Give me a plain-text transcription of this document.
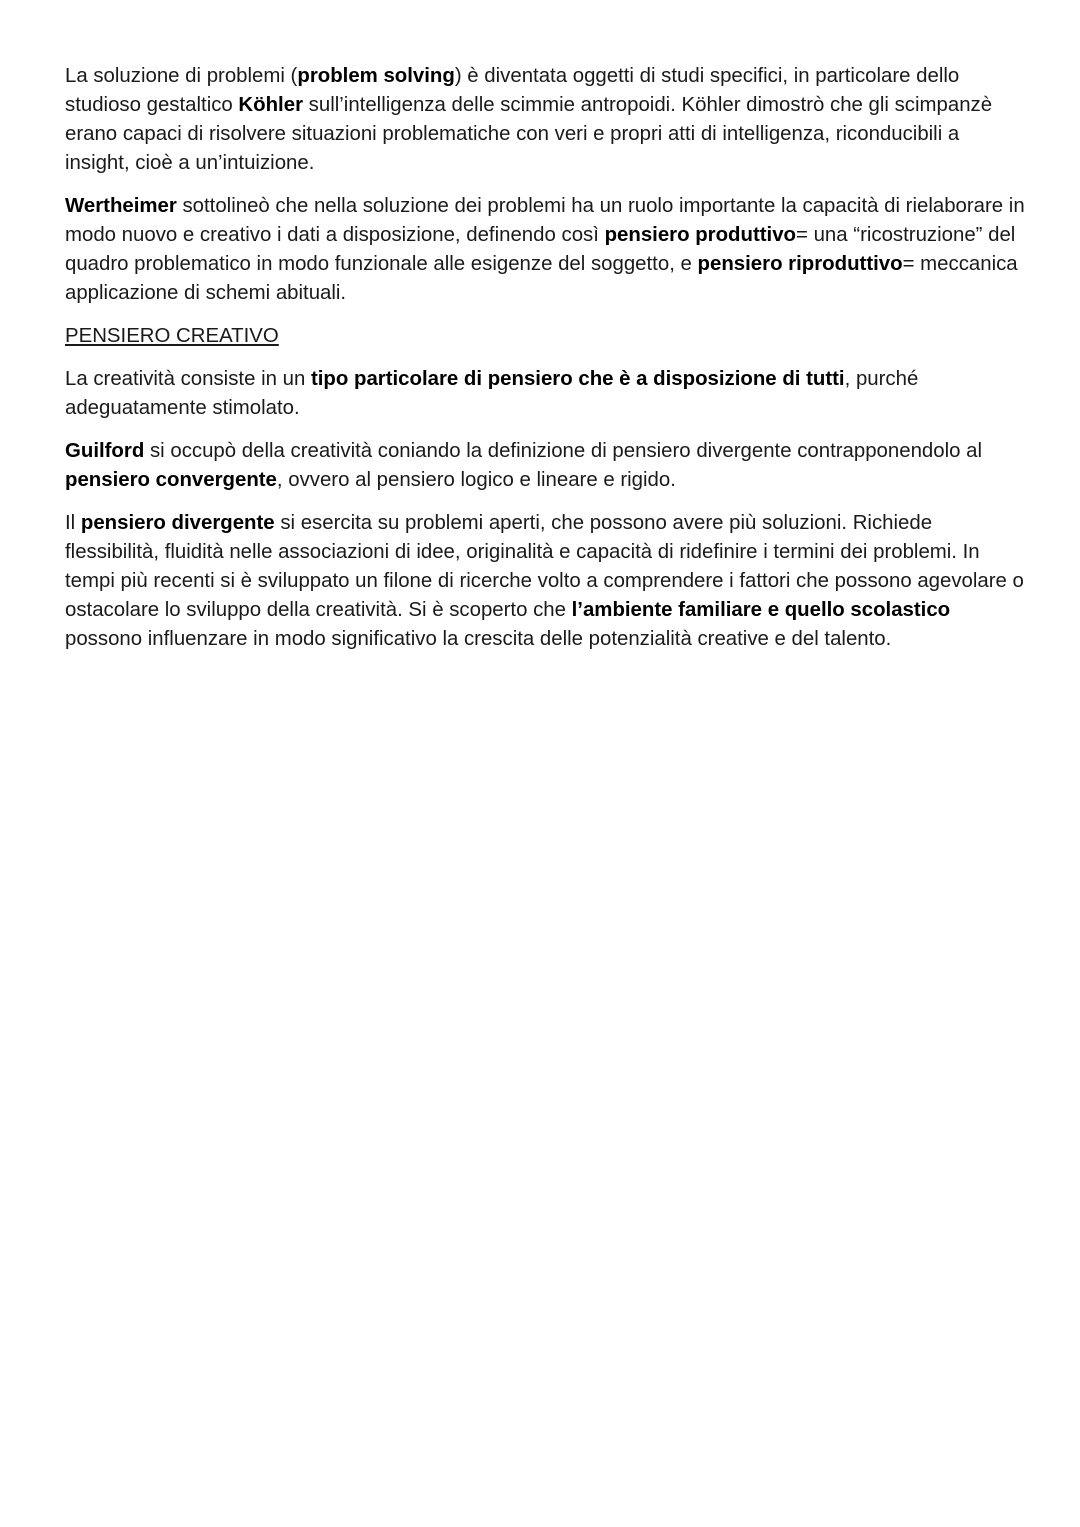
La soluzione di problemi (problem solving) è diventata oggetti di studi specifici, in particolare dello studioso gestaltico Köhler sull’intelligenza delle scimmie antropoidi. Köhler dimostrò che gli scimpanzè erano capaci di risolvere situazioni problematiche con veri e propri atti di intelligenza, riconducibili a insight, cioè a un’intuizione.

Wertheimer sottolineò che nella soluzione dei problemi ha un ruolo importante la capacità di rielaborare in modo nuovo e creativo i dati a disposizione, definendo così pensiero produttivo= una “ricostruzione” del quadro problematico in modo funzionale alle esigenze del soggetto, e pensiero riproduttivo= meccanica applicazione di schemi abituali.

PENSIERO CREATIVO

La creatività consiste in un tipo particolare di pensiero che è a disposizione di tutti, purché adeguatamente stimolato.

Guilford si occupò della creatività coniando la definizione di pensiero divergente contrapponendolo al pensiero convergente, ovvero al pensiero logico e lineare e rigido.

Il pensiero divergente si esercita su problemi aperti, che possono avere più soluzioni. Richiede flessibilità, fluidità nelle associazioni di idee, originalità e capacità di ridefinire i termini dei problemi. In tempi più recenti si è sviluppato un filone di ricerche volto a comprendere i fattori che possono agevolare o ostacolare lo sviluppo della creatività. Si è scoperto che l’ambiente familiare e quello scolastico possono influenzare in modo significativo la crescita delle potenzialità creative e del talento.
